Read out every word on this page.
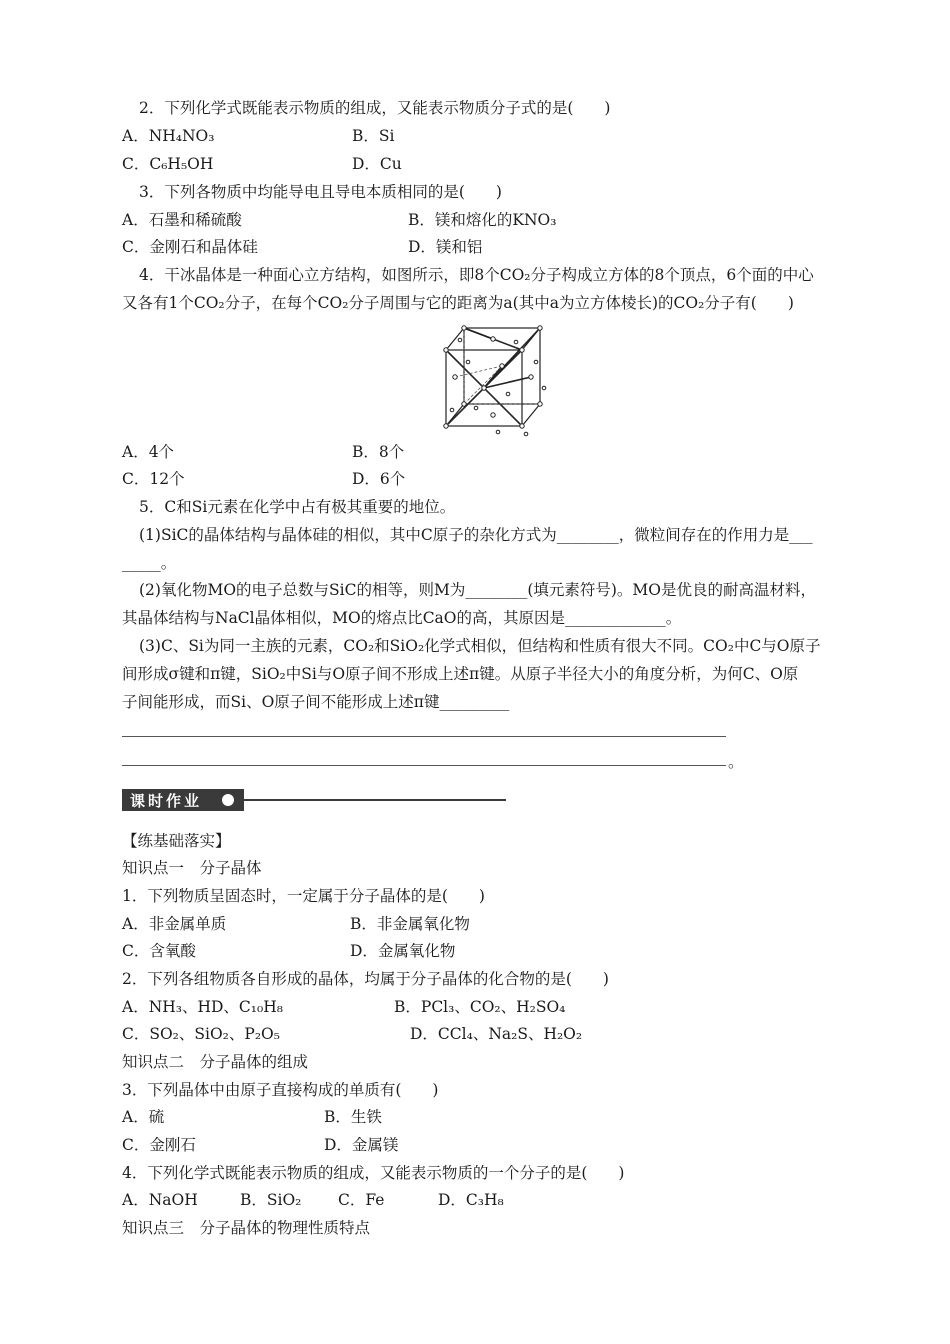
2．下列化学式既能表示物质的组成，又能表示物质分子式的是(　　)
A．NH₄NO₃	B．Si
C．C₆H₅OH	D．Cu
3．下列各物质中均能导电且导电本质相同的是(　　)
A．石墨和稀硫酸	B．镁和熔化的KNO₃
C．金刚石和晶体硅	D．镁和铝
4．干冰晶体是一种面心立方结构，如图所示，即8个CO₂分子构成立方体的8个顶点，6个面的中心
又各有1个CO₂分子，在每个CO₂分子周围与它的距离为a(其中a为立方体棱长)的CO₂分子有(　　)
A．4个	B．8个
C．12个	D．6个
5．C和Si元素在化学中占有极其重要的地位。
(1)SiC的晶体结构与晶体硅的相似，其中C原子的杂化方式为________，微粒间存在的作用力是___
_____。
(2)氧化物MO的电子总数与SiC的相等，则M为________(填元素符号)。MO是优良的耐高温材料，
其晶体结构与NaCl晶体相似，MO的熔点比CaO的高，其原因是_____________。
(3)C、Si为同一主族的元素，CO₂和SiO₂化学式相似，但结构和性质有很大不同。CO₂中C与O原子
间形成σ键和π键，SiO₂中Si与O原子间不形成上述π键。从原子半径大小的角度分析，为何C、O原
子间能形成，而Si、O原子间不能形成上述π键_________
。
课时作业
【练基础落实】
知识点一　分子晶体
1．下列物质呈固态时，一定属于分子晶体的是(　　)
A．非金属单质	B．非金属氧化物
C．含氧酸	D．金属氧化物
2．下列各组物质各自形成的晶体，均属于分子晶体的化合物的是(　　)
A．NH₃、HD、C₁₀H₈	B．PCl₃、CO₂、H₂SO₄
C．SO₂、SiO₂、P₂O₅	D．CCl₄、Na₂S、H₂O₂
知识点二　分子晶体的组成
3．下列晶体中由原子直接构成的单质有(　　)
A．硫	B．生铁
C．金刚石	D．金属镁
4．下列化学式既能表示物质的组成，又能表示物质的一个分子的是(　　)
A．NaOH	B．SiO₂ C．Fe	D．C₃H₈
知识点三　分子晶体的物理性质特点
